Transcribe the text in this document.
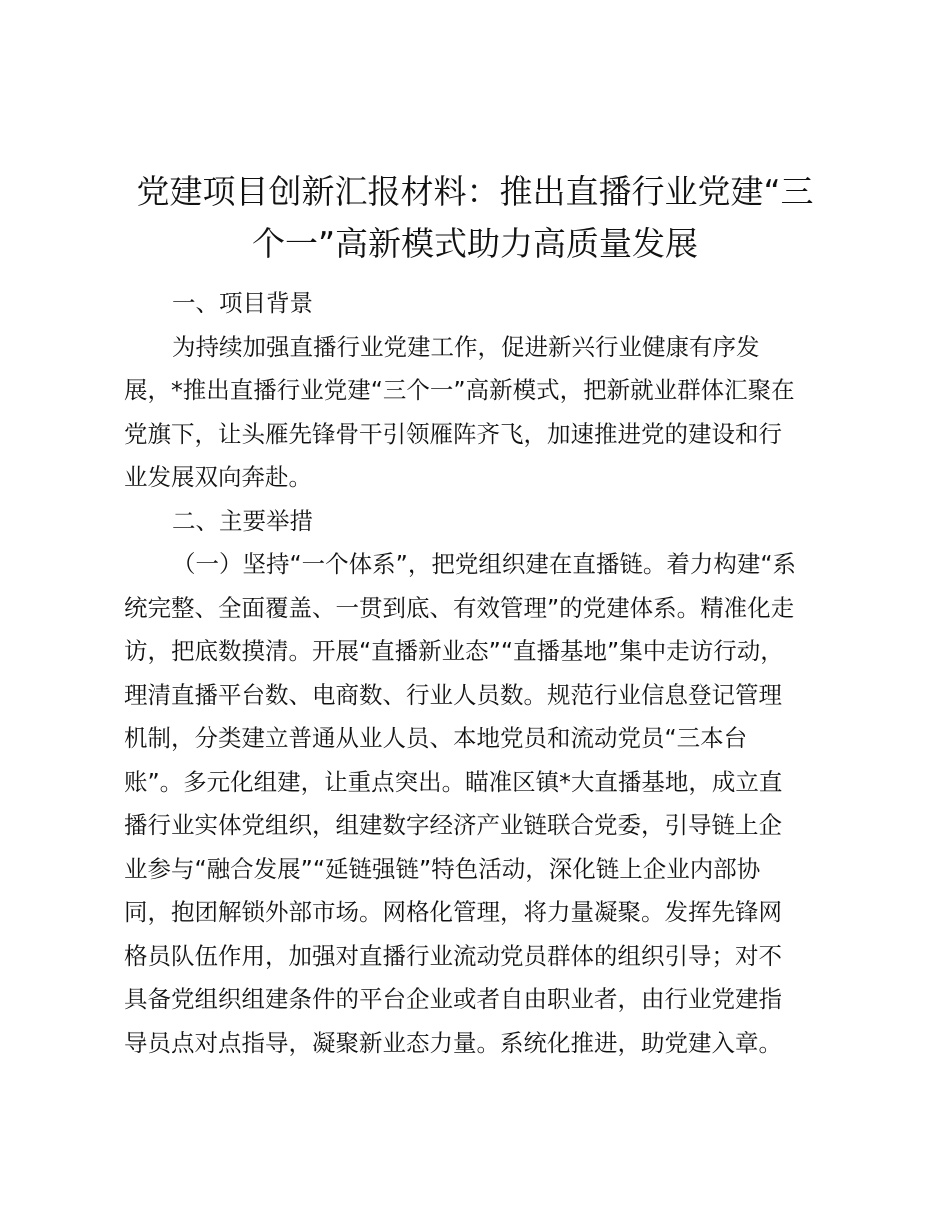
党建项目创新汇报材料：推出直播行业党建“三
个一”高新模式助力高质量发展
一、项目背景
为持续加强直播行业党建工作，促进新兴行业健康有序发
展，*推出直播行业党建“三个一”高新模式，把新就业群体汇聚在
党旗下，让头雁先锋骨干引领雁阵齐飞，加速推进党的建设和行
业发展双向奔赴。
二、主要举措
（一）坚持“一个体系”，把党组织建在直播链。着力构建“系
统完整、全面覆盖、一贯到底、有效管理”的党建体系。精准化走
访，把底数摸清。开展“直播新业态”“直播基地”集中走访行动，
理清直播平台数、电商数、行业人员数。规范行业信息登记管理
机制，分类建立普通从业人员、本地党员和流动党员“三本台
账”。多元化组建，让重点突出。瞄准区镇*大直播基地，成立直
播行业实体党组织，组建数字经济产业链联合党委，引导链上企
业参与“融合发展”“延链强链”特色活动，深化链上企业内部协
同，抱团解锁外部市场。网格化管理，将力量凝聚。发挥先锋网
格员队伍作用，加强对直播行业流动党员群体的组织引导；对不
具备党组织组建条件的平台企业或者自由职业者，由行业党建指
导员点对点指导，凝聚新业态力量。系统化推进，助党建入章。
